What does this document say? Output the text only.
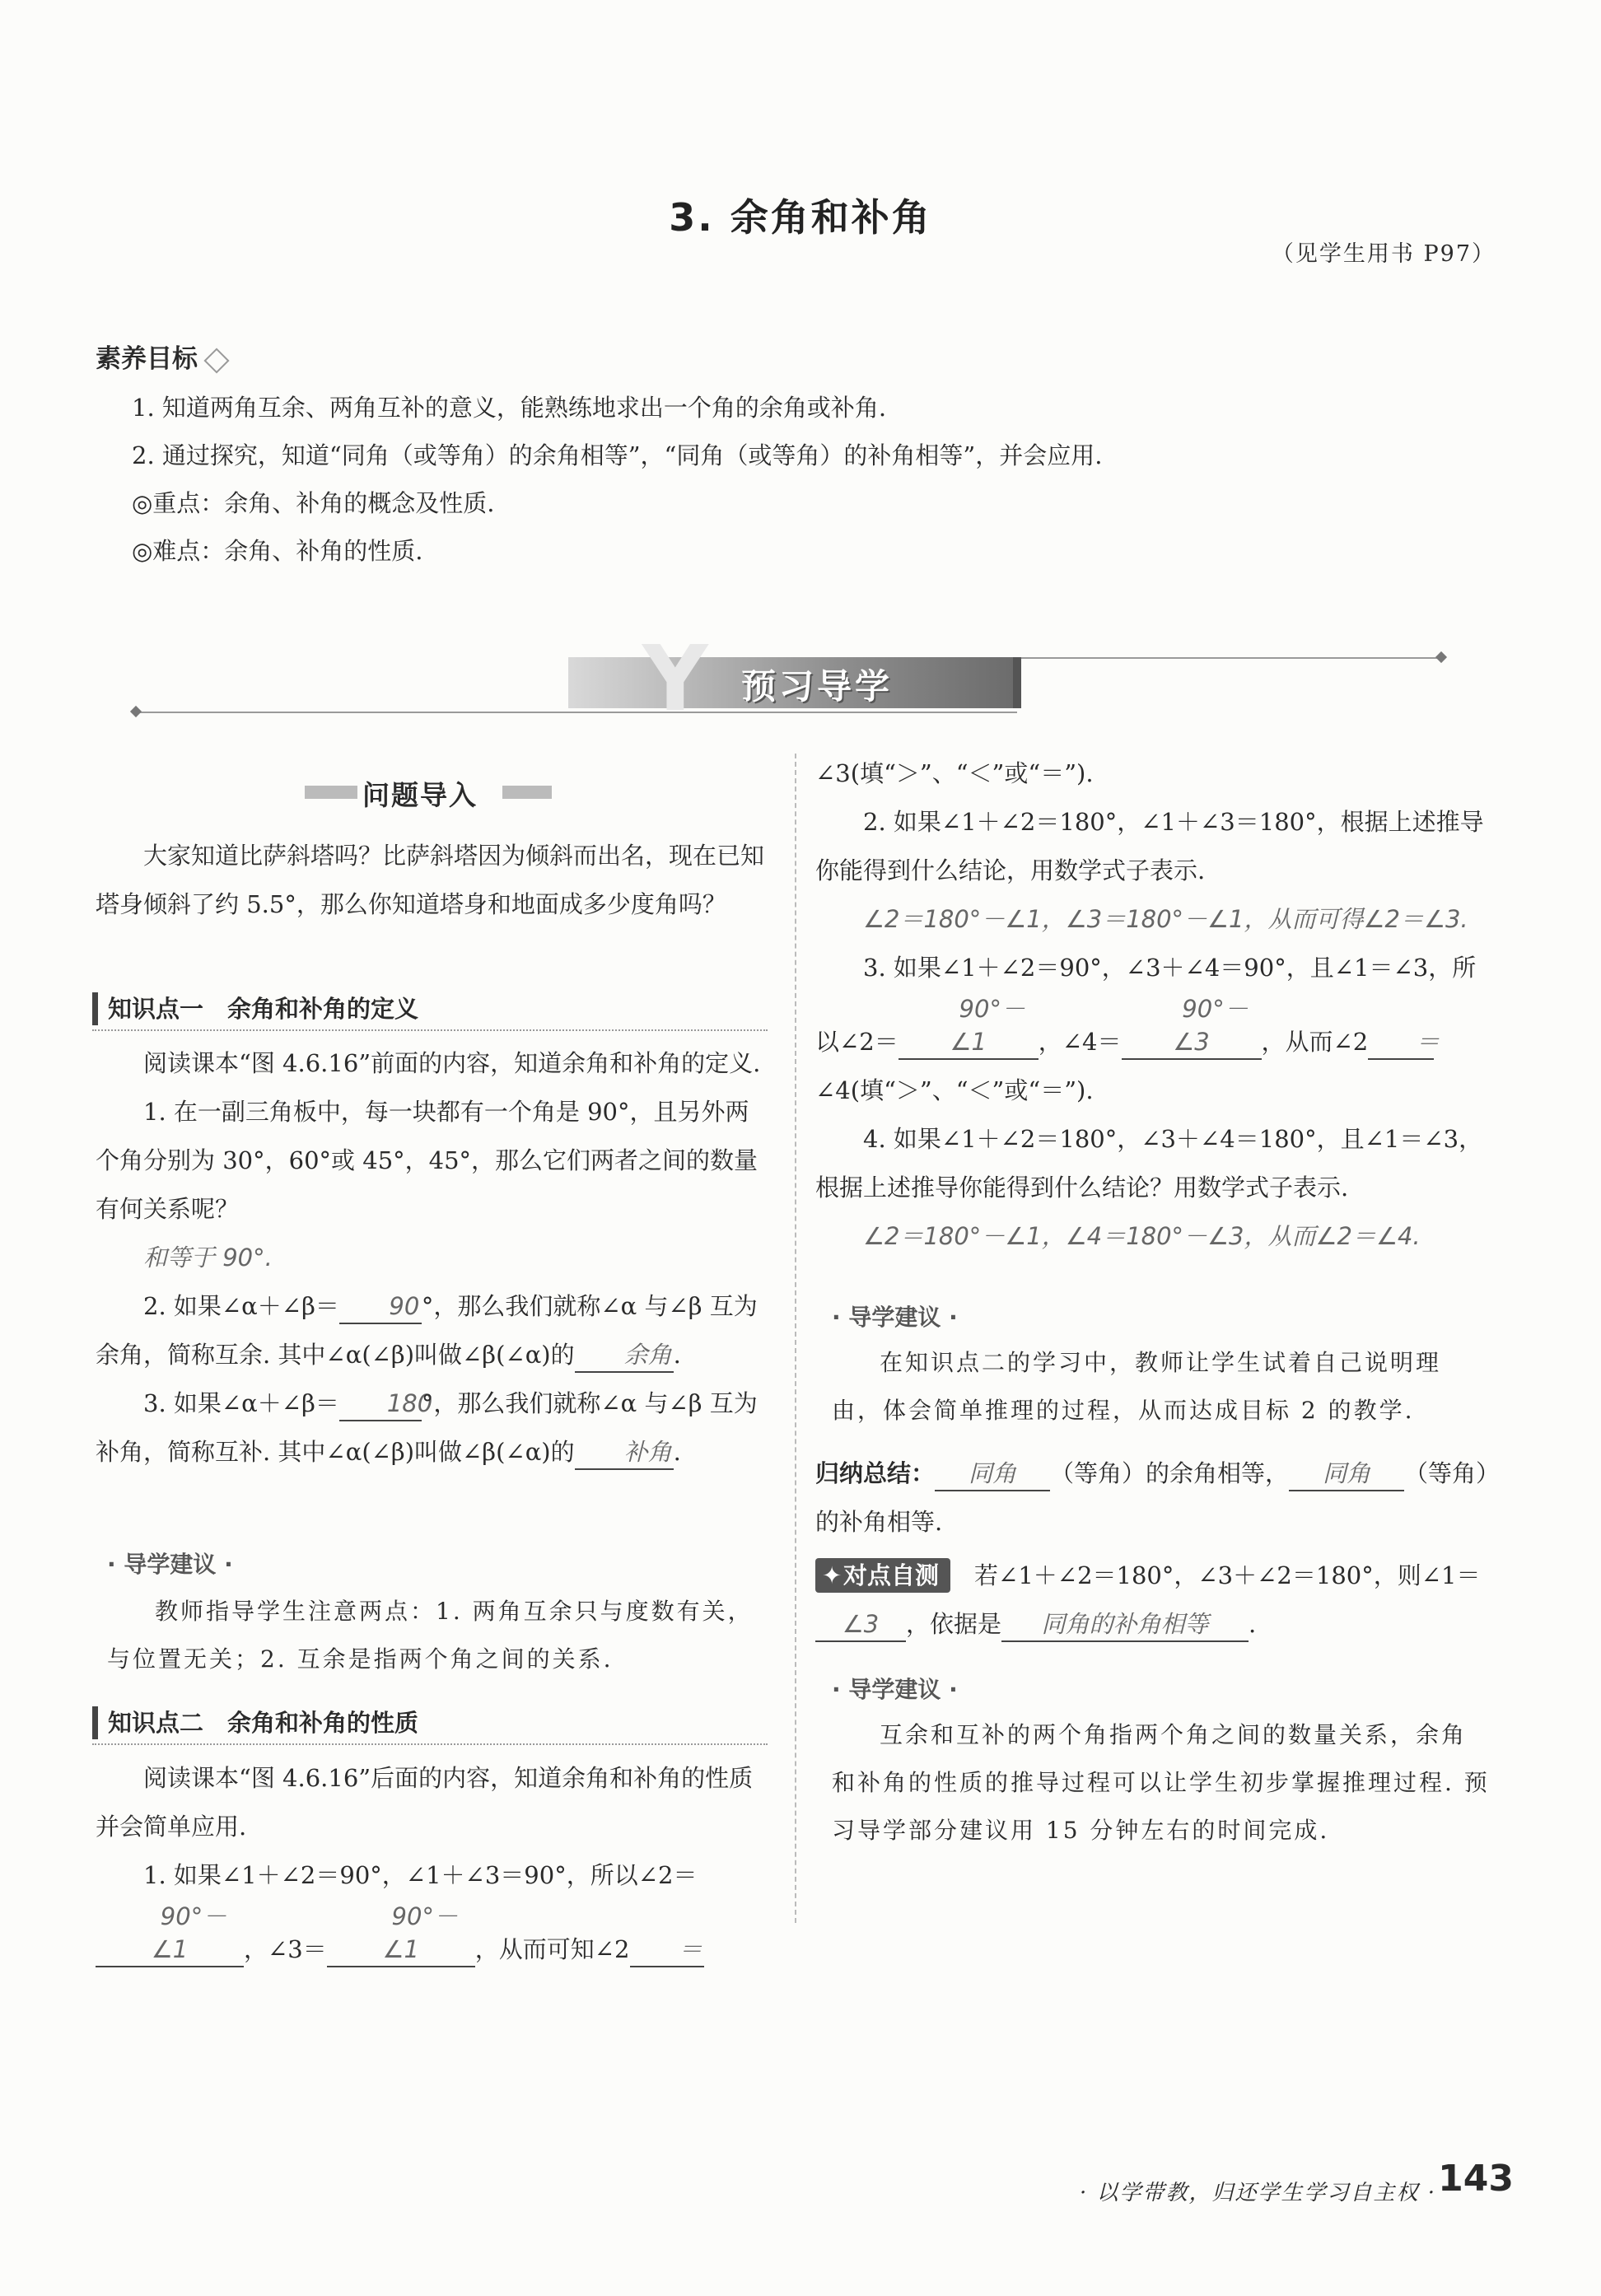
3. 余角和补角
（见学生用书 P97）
素养目标
1. 知道两角互余、两角互补的意义，能熟练地求出一个角的余角或补角.
2. 通过探究，知道“同角（或等角）的余角相等”，“同角（或等角）的补角相等”，并会应用.
◎重点：余角、补角的概念及性质.
◎难点：余角、补角的性质.
Y 预习导学
问题导入

大家知道比萨斜塔吗？比萨斜塔因为倾斜而出名，现在已知塔身倾斜了约 5.5°，那么你知道塔身和地面成多少度角吗？

知识点一　余角和补角的定义

阅读课本“图 4.6.16”前面的内容，知道余角和补角的定义.

1. 在一副三角板中，每一块都有一个角是 90°，且另外两个角分别为 30°，60°或 45°，45°，那么它们两者之间的数量有何关系呢？

和等于 90°.

2. 如果∠α＋∠β＝ 90°，那么我们就称∠α 与∠β 互为余角，简称互余. 其中∠α(∠β)叫做∠β(∠α)的 余角.

3. 如果∠α＋∠β＝ 180°，那么我们就称∠α 与∠β 互为补角，简称互补. 其中∠α(∠β)叫做∠β(∠α)的 补角.

· 导学建议 ·

教师指导学生注意两点：1. 两角互余只与度数有关，与位置无关；2. 互余是指两个角之间的关系.

知识点二　余角和补角的性质

阅读课本“图 4.6.16”后面的内容，知道余角和补角的性质并会简单应用.

1. 如果∠1＋∠2＝90°，∠1＋∠3＝90°，所以∠2＝90°－∠1 ，∠3＝90°－∠1 ，从而可知∠2 ＝

∠3(填“＞”、“＜”或“＝”).

2. 如果∠1＋∠2＝180°，∠1＋∠3＝180°，根据上述推导你能得到什么结论，用数学式子表示.

∠2＝180°－∠1，∠3＝180°－∠1，从而可得∠2＝∠3.

3. 如果∠1＋∠2＝90°，∠3＋∠4＝90°，且∠1＝∠3，所以∠2＝90°－∠1 ，∠4＝90°－∠3 ，从而∠2 ＝∠4(填“＞”、“＜”或“＝”).

4. 如果∠1＋∠2＝180°，∠3＋∠4＝180°，且∠1＝∠3，根据上述推导你能得到什么结论？用数学式子表示.

∠2＝180°－∠1，∠4＝180°－∠3，从而∠2＝∠4.

· 导学建议 ·

在知识点二的学习中，教师让学生试着自己说明理由，体会简单推理的过程，从而达成目标 2 的教学.

归纳总结： 同角 （等角）的余角相等， 同角 （等角）的补角相等.

✦ 对点自测　 若∠1＋∠2＝180°，∠3＋∠2＝180°，则∠1＝∠3 ，依据是 同角的补角相等 .

· 导学建议 ·

互余和互补的两个角指两个角之间的数量关系，余角和补角的性质的推导过程可以让学生初步掌握推理过程. 预习导学部分建议用 15 分钟左右的时间完成.

· 以学带教，归还学生学习自主权 · 143
